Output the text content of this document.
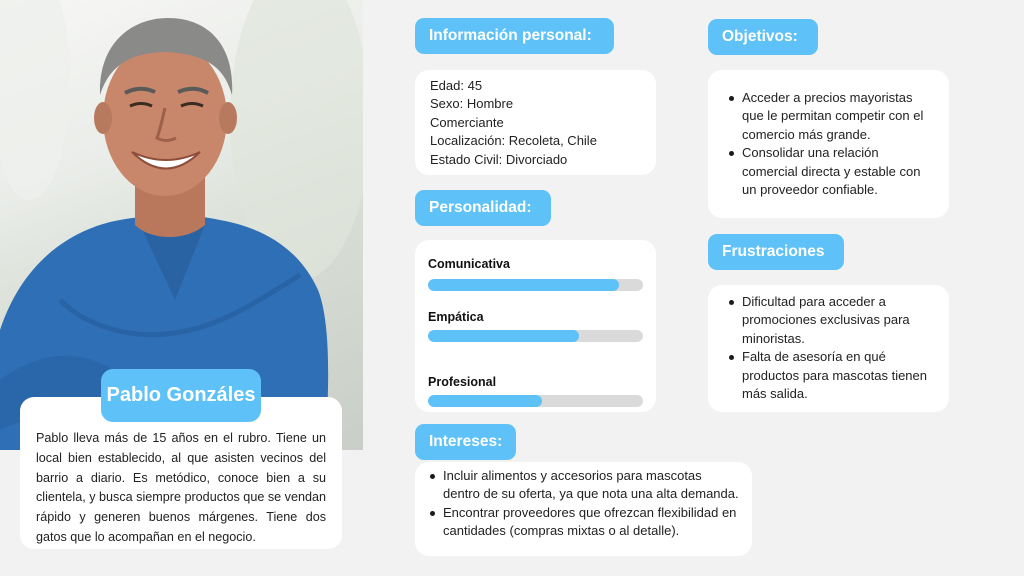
Pablo Gonzáles

Pablo lleva más de 15 años en el rubro. Tiene un local bien establecido, al que asisten vecinos del barrio a diario. Es metódico, conoce bien a su clientela, y busca siempre productos que se vendan rápido y generen buenos márgenes. Tiene dos gatos que lo acompañan en el negocio.

Información personal:
Edad: 45
Sexo: Hombre
Comerciante
Localización: Recoleta, Chile
Estado Civil: Divorciado
Personalidad:
Comunicativa
Empática
Profesional
Objetivos:
Acceder a precios mayoristas que le permitan competir con el comercio más grande.
Consolidar una relación comercial directa y estable con un proveedor confiable.
Frustraciones
Dificultad para acceder a promociones exclusivas para minoristas.
Falta de asesoría en qué productos para mascotas tienen más salida.
Intereses:
Incluir alimentos y accesorios para mascotas dentro de su oferta, ya que nota una alta demanda.
Encontrar proveedores que ofrezcan flexibilidad en cantidades (compras mixtas o al detalle).
